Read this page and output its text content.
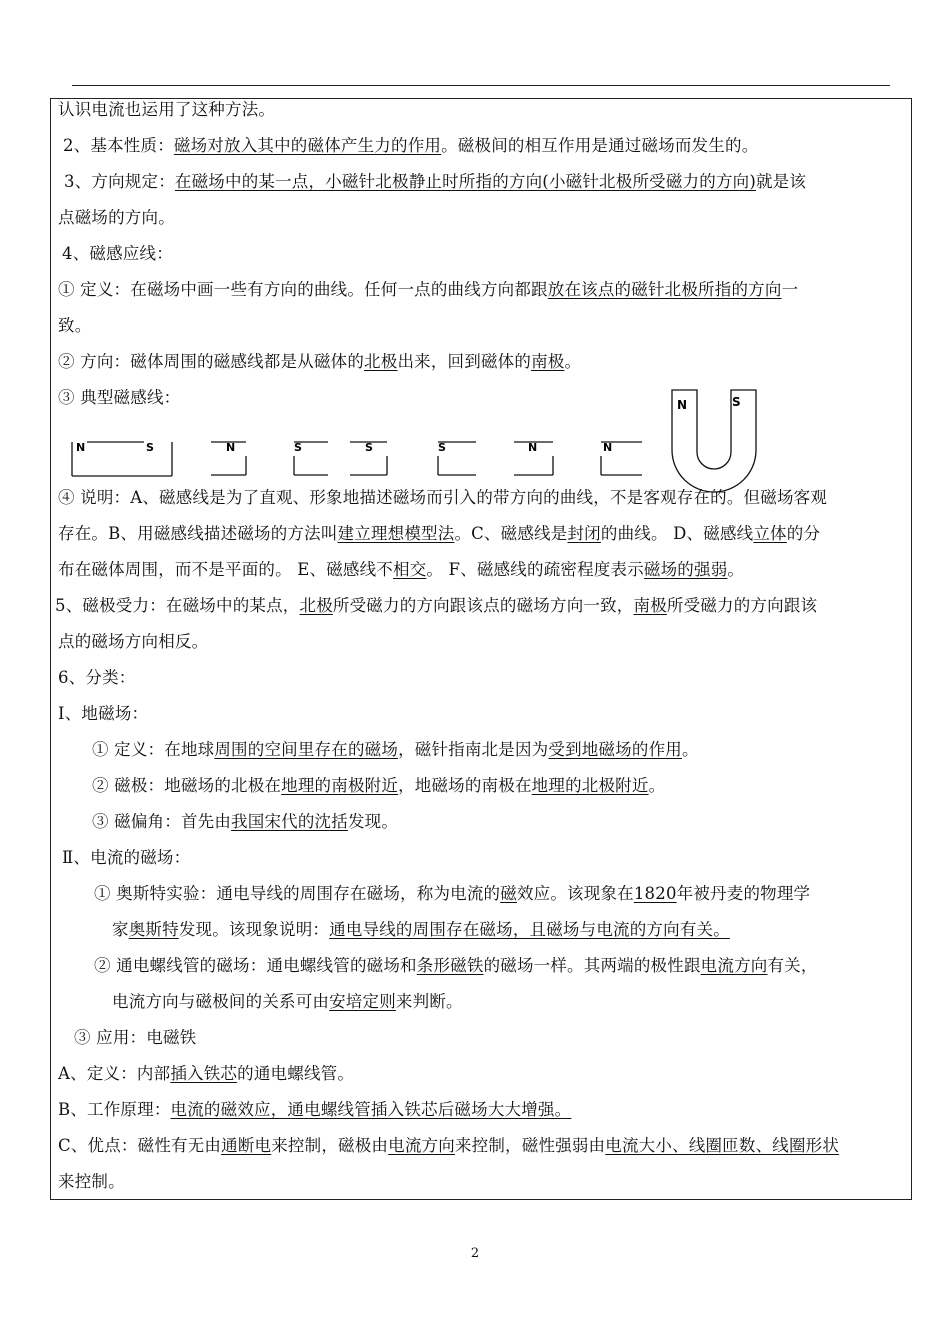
认识电流也运用了这种方法。
2、基本性质：磁场对放入其中的磁体产生力的作用。磁极间的相互作用是通过磁场而发生的。
3、方向规定：在磁场中的某一点，小磁针北极静止时所指的方向(小磁针北极所受磁力的方向)就是该
点磁场的方向。
4、磁感应线：
① 定义：在磁场中画一些有方向的曲线。任何一点的曲线方向都跟放在该点的磁针北极所指的方向一
致。
② 方向：磁体周围的磁感线都是从磁体的北极出来，回到磁体的南极。
③ 典型磁感线：
N	S	N	S	S	S	N	N
N	S
④ 说明：A、磁感线是为了直观、形象地描述磁场而引入的带方向的曲线，不是客观存在的。但磁场客观
存在。B、用磁感线描述磁场的方法叫建立理想模型法。C、磁感线是封闭的曲线。 D、磁感线立体的分
布在磁体周围，而不是平面的。 E、磁感线不相交。 F、磁感线的疏密程度表示磁场的强弱。
5、磁极受力：在磁场中的某点，北极所受磁力的方向跟该点的磁场方向一致，南极所受磁力的方向跟该
点的磁场方向相反。
6、分类：
I、地磁场：
① 定义：在地球周围的空间里存在的磁场，磁针指南北是因为受到地磁场的作用。
② 磁极：地磁场的北极在地理的南极附近，地磁场的南极在地理的北极附近。
③ 磁偏角：首先由我国宋代的沈括发现。
Ⅱ、电流的磁场：
① 奥斯特实验：通电导线的周围存在磁场，称为电流的磁效应。该现象在1820年被丹麦的物理学
家奥斯特发现。该现象说明：通电导线的周围存在磁场，且磁场与电流的方向有关。
② 通电螺线管的磁场：通电螺线管的磁场和条形磁铁的磁场一样。其两端的极性跟电流方向有关，
电流方向与磁极间的关系可由安培定则来判断。
③ 应用：电磁铁
A、定义：内部插入铁芯的通电螺线管。
B、工作原理：电流的磁效应，通电螺线管插入铁芯后磁场大大增强。
C、优点：磁性有无由通断电来控制，磁极由电流方向来控制，磁性强弱由电流大小、线圈匝数、线圈形状
来控制。
2
